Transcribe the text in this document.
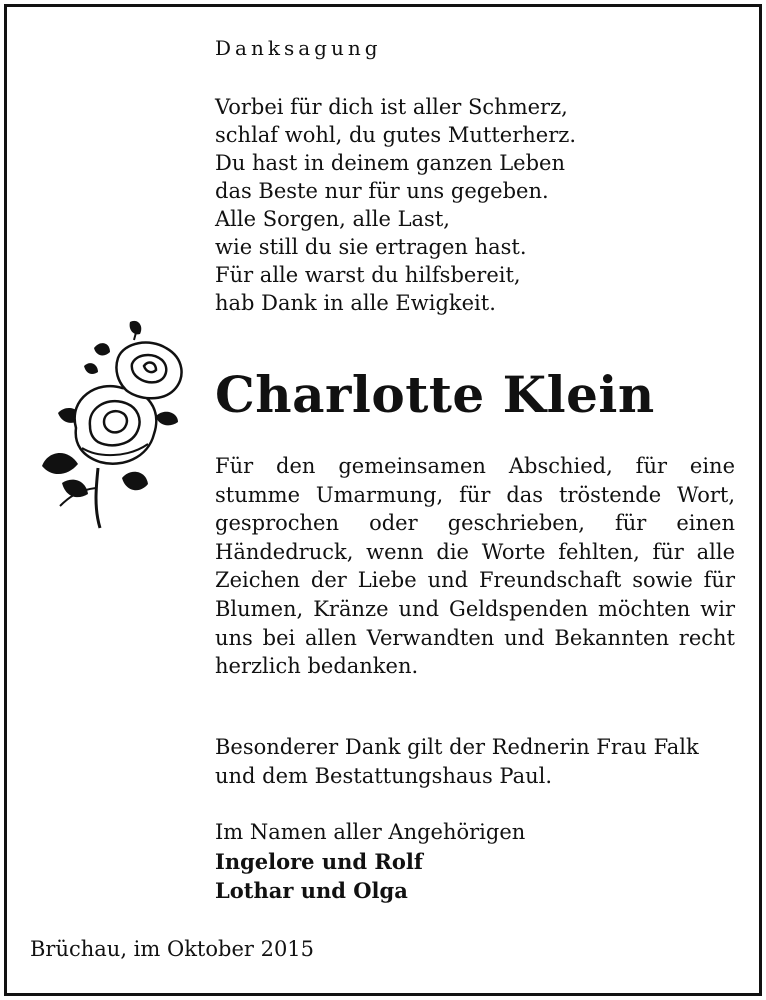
Danksagung
Vorbei für dich ist aller Schmerz,
schlaf wohl, du gutes Mutterherz.
Du hast in deinem ganzen Leben
das Beste nur für uns gegeben.
Alle Sorgen, alle Last,
wie still du sie ertragen hast.
Für alle warst du hilfsbereit,
hab Dank in alle Ewigkeit.
Charlotte Klein
Für den gemeinsamen Abschied, für eine stumme Umarmung, für das tröstende Wort, gesprochen oder geschrieben, für einen Händedruck, wenn die Worte fehlten, für alle Zeichen der Liebe und Freundschaft sowie für Blumen, Kränze und Geldspenden möchten wir uns bei allen Verwandten und Bekannten recht herzlich bedanken.
Besonderer Dank gilt der Rednerin Frau Falk und dem Bestattungshaus Paul.
Im Namen aller Angehörigen
Ingelore und Rolf
Lothar und Olga
Brüchau, im Oktober 2015
